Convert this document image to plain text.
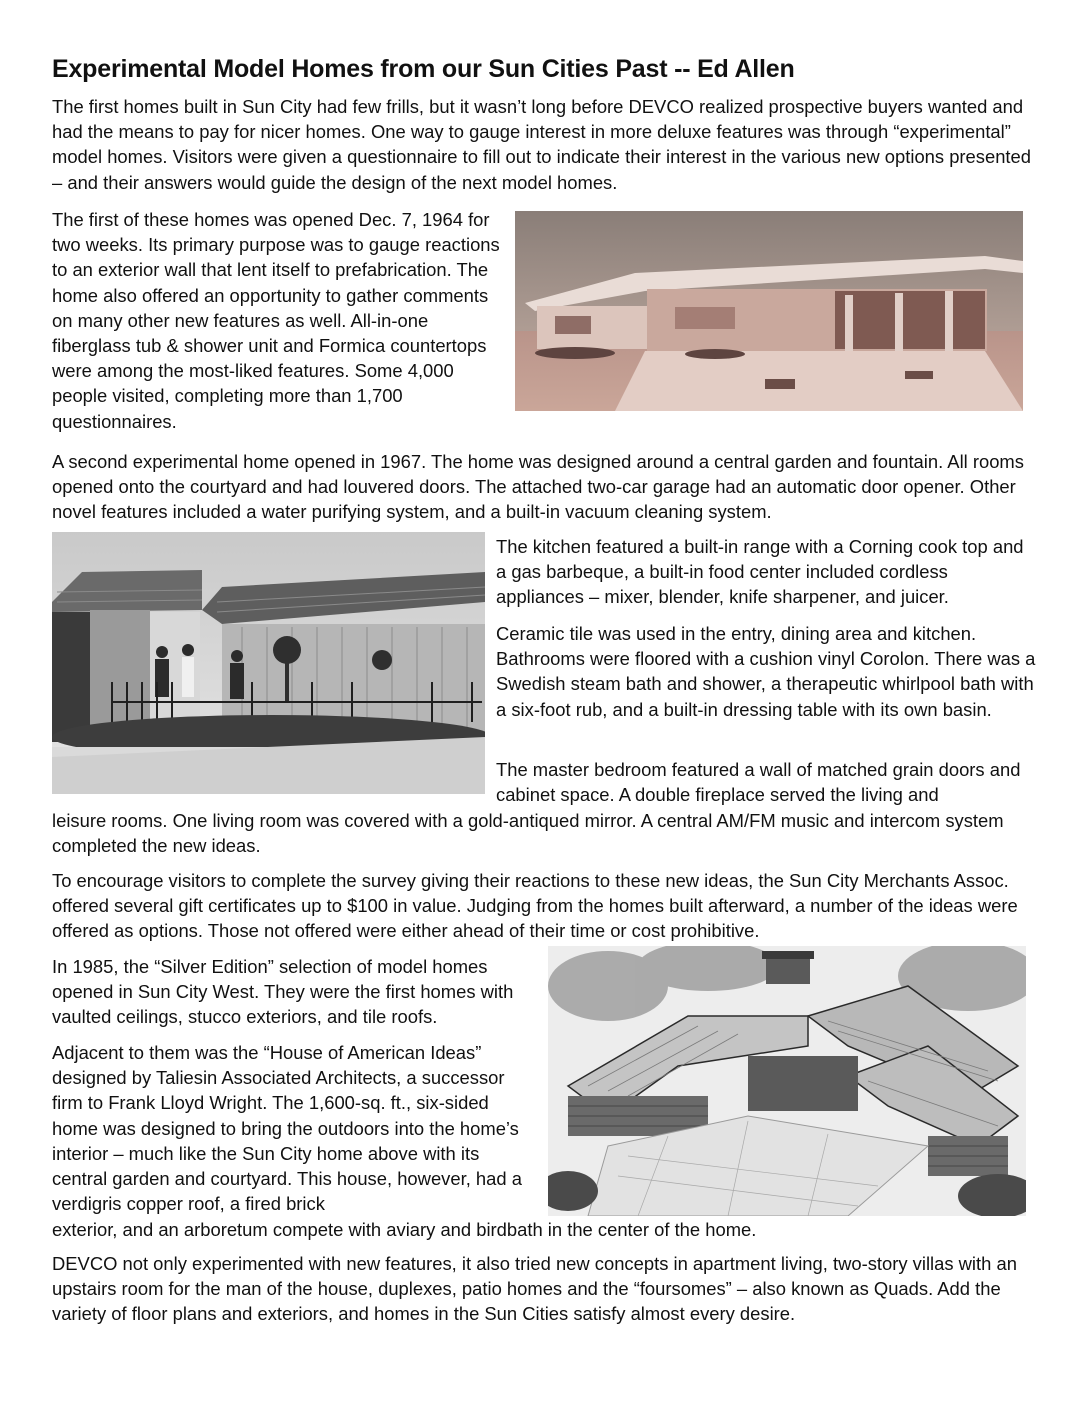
Experimental Model Homes from our Sun Cities Past -- Ed Allen

The first homes built in Sun City had few frills, but it wasn’t long before DEVCO realized prospective buyers wanted and had the means to pay for nicer homes. One way to gauge interest in more deluxe features was through “experimental” model homes. Visitors were given a questionnaire to fill out to indicate their interest in the various new options presented – and their answers would guide the design of the next model homes.

The first of these homes was opened Dec. 7, 1964 for two weeks. Its primary purpose was to gauge reactions to an exterior wall that lent itself to prefabrication. The home also offered an opportunity to gather comments on many other new features as well. All-in-one fiberglass tub & shower unit and Formica countertops were among the most-liked features. Some 4,000 people visited, completing more than 1,700 questionnaires.

A second experimental home opened in 1967. The home was designed around a central garden and fountain. All rooms opened onto the courtyard and had louvered doors. The attached two-car garage had an automatic door opener. Other novel features included a water purifying system, and a built-in vacuum cleaning system.

The kitchen featured a built-in range with a Corning cook top and a gas barbeque, a built-in food center included cordless appliances – mixer, blender, knife sharpener, and juicer.

Ceramic tile was used in the entry, dining area and kitchen. Bathrooms were floored with a cushion vinyl Corolon. There was a Swedish steam bath and shower, a therapeutic whirlpool bath with a six-foot rub, and a built-in dressing table with its own basin.

The master bedroom featured a wall of matched grain doors and cabinet space. A double fireplace served the living and

leisure rooms. One living room was covered with a gold-antiqued mirror. A central AM/FM music and intercom system completed the new ideas.

To encourage visitors to complete the survey giving their reactions to these new ideas, the Sun City Merchants Assoc. offered several gift certificates up to $100 in value. Judging from the homes built afterward, a number of the ideas were offered as options. Those not offered were either ahead of their time or cost prohibitive.

In 1985, the “Silver Edition” selection of model homes opened in Sun City West. They were the first homes with vaulted ceilings, stucco exteriors, and tile roofs.

Adjacent to them was the “House of American Ideas” designed by Taliesin Associated Architects, a successor firm to Frank Lloyd Wright. The 1,600-sq. ft., six-sided home was designed to bring the outdoors into the home’s interior – much like the Sun City home above with its central garden and courtyard. This house, however, had a verdigris copper roof, a fired brick

exterior, and an arboretum compete with aviary and birdbath in the center of the home.

DEVCO not only experimented with new features, it also tried new concepts in apartment living, two-story villas with an upstairs room for the man of the house, duplexes, patio homes and the “foursomes” – also known as Quads. Add the variety of floor plans and exteriors, and homes in the Sun Cities satisfy almost every desire.
